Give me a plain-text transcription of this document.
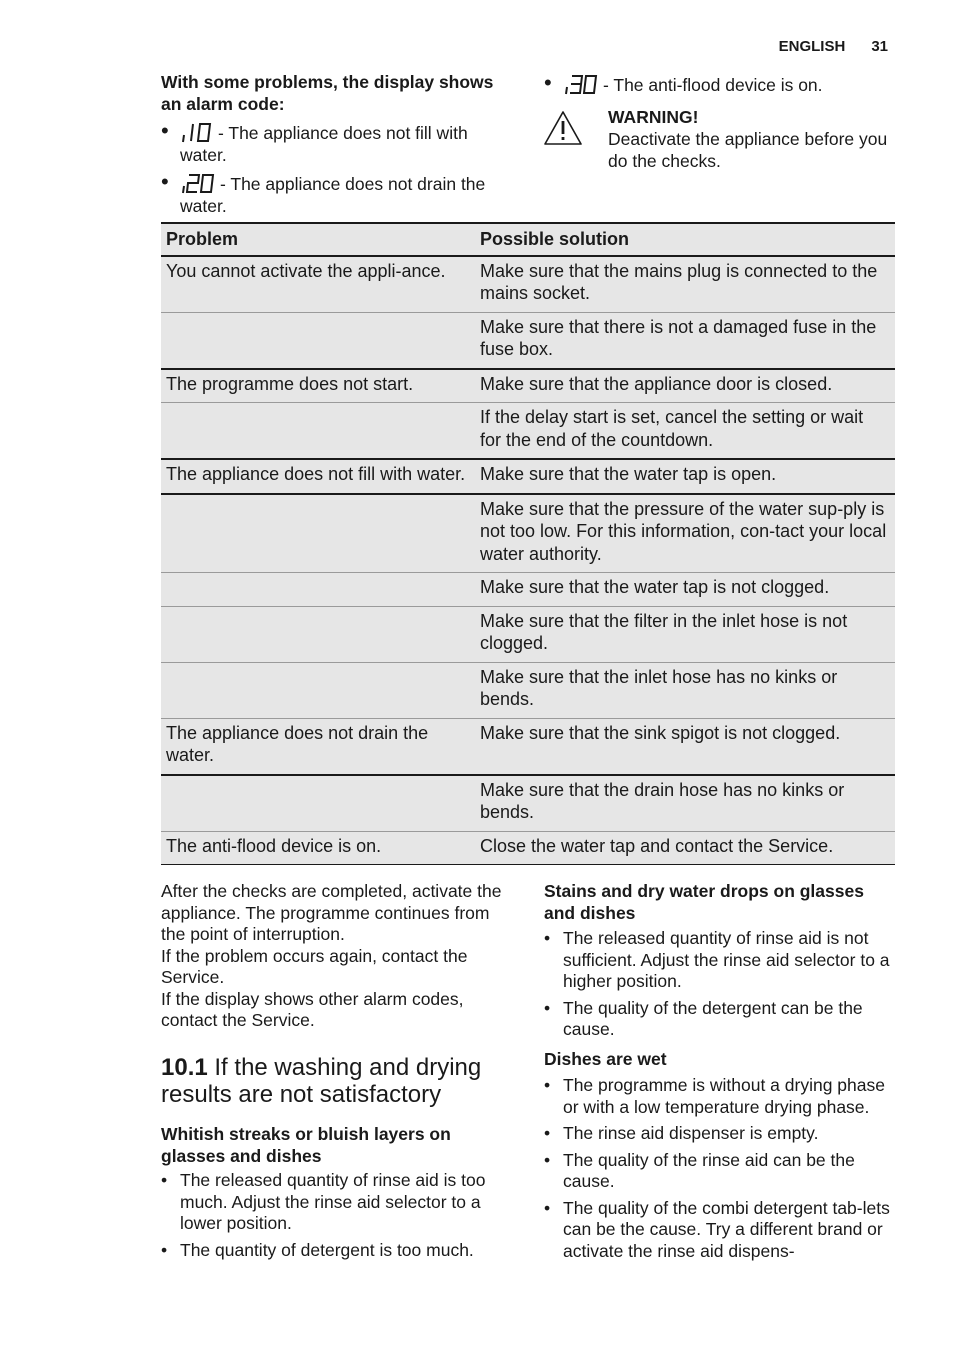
ENGLISH 31
With some problems, the display shows an alarm code:
•	- The appliance does not fill with water.
•	- The appliance does not drain the water.
•	- The anti-flood device is on.
WARNING!
Deactivate the appliance before you do the checks.
Problem	Possible solution
You cannot activate the appli-ance.	Make sure that the mains plug is connected to the mains socket.
	Make sure that there is not a damaged fuse in the fuse box.
The programme does not start.	Make sure that the appliance door is closed.
	If the delay start is set, cancel the setting or wait for the end of the countdown.
The appliance does not fill with water.	Make sure that the water tap is open.
	Make sure that the pressure of the water sup-ply is not too low. For this information, con-tact your local water authority.
	Make sure that the water tap is not clogged.
	Make sure that the filter in the inlet hose is not clogged.
	Make sure that the inlet hose has no kinks or bends.
The appliance does not drain the water.	Make sure that the sink spigot is not clogged.
	Make sure that the drain hose has no kinks or bends.
The anti-flood device is on.	Close the water tap and contact the Service.
After the checks are completed, activate the appliance. The programme continues from the point of interruption.
If the problem occurs again, contact the Service.
If the display shows other alarm codes, contact the Service.
10.1 If the washing and drying results are not satisfactory
Whitish streaks or bluish layers on glasses and dishes
• The released quantity of rinse aid is too much. Adjust the rinse aid selector to a lower position.
• The quantity of detergent is too much.
Stains and dry water drops on glasses and dishes
• The released quantity of rinse aid is not sufficient. Adjust the rinse aid selector to a higher position.
• The quality of the detergent can be the cause.
Dishes are wet
• The programme is without a drying phase or with a low temperature drying phase.
• The rinse aid dispenser is empty.
• The quality of the rinse aid can be the cause.
• The quality of the combi detergent tab-lets can be the cause. Try a different brand or activate the rinse aid dispens-
